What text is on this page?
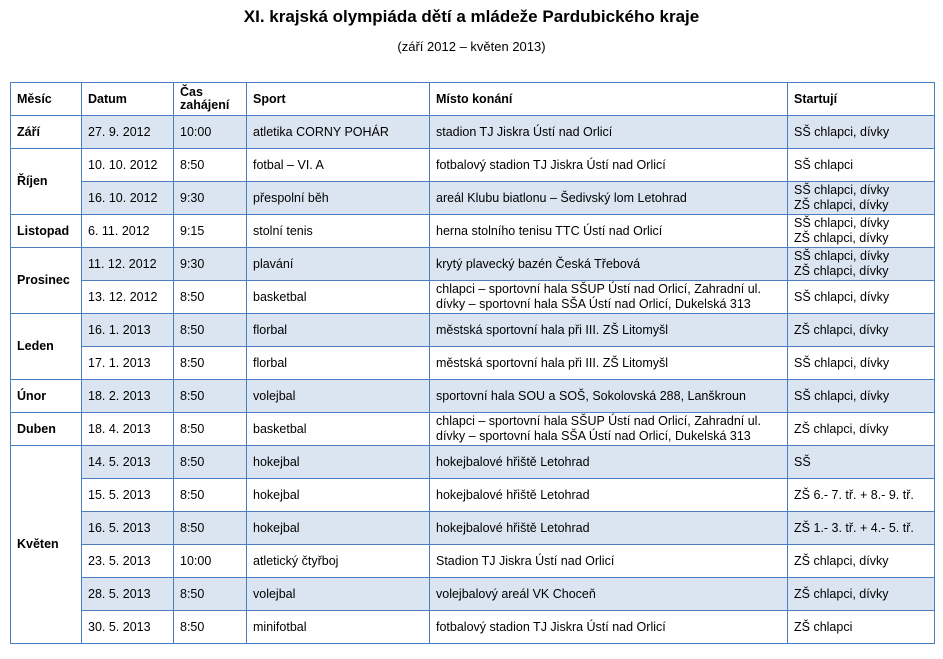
XI. krajská olympiáda dětí a mládeže Pardubického kraje
(září 2012 – květen 2013)
Měsíc	Datum	Čas zahájení	Sport	Místo konání	Startují
Září	27. 9. 2012	10:00	atletika CORNY POHÁR	stadion TJ Jiskra Ústí nad Orlicí	SŠ chlapci, dívky
Říjen	10. 10. 2012	8:50	fotbal – VI. A	fotbalový stadion TJ Jiskra Ústí nad Orlicí	SŠ chlapci
	16. 10. 2012	9:30	přespolní běh	areál Klubu biatlonu – Šedivský lom Letohrad	SŠ chlapci, dívky
ZŠ chlapci, dívky
Listopad	6. 11. 2012	9:15	stolní tenis	herna stolního tenisu TTC Ústí nad Orlicí	SŠ chlapci, dívky
ZŠ chlapci, dívky
Prosinec	11. 12. 2012	9:30	plavání	krytý plavecký bazén Česká Třebová	SŠ chlapci, dívky
ZŠ chlapci, dívky
	13. 12. 2012	8:50	basketbal	chlapci – sportovní hala SŠUP Ústí nad Orlicí, Zahradní ul.
dívky – sportovní hala SŠA Ústí nad Orlicí, Dukelská 313	SŠ chlapci, dívky
Leden	16. 1. 2013	8:50	florbal	městská sportovní hala při III. ZŠ Litomyšl	ZŠ chlapci, dívky
	17. 1. 2013	8:50	florbal	městská sportovní hala při III. ZŠ Litomyšl	SŠ chlapci, dívky
Únor	18. 2. 2013	8:50	volejbal	sportovní hala SOU a SOŠ, Sokolovská 288, Lanškroun	SŠ chlapci, dívky
Duben	18. 4. 2013	8:50	basketbal	chlapci – sportovní hala SŠUP Ústí nad Orlicí, Zahradní ul.
dívky – sportovní hala SŠA Ústí nad Orlicí, Dukelská 313	ZŠ chlapci, dívky
Květen	14. 5. 2013	8:50	hokejbal	hokejbalové hřiště Letohrad	SŠ
	15. 5. 2013	8:50	hokejbal	hokejbalové hřiště Letohrad	ZŠ 6.- 7. tř. + 8.- 9. tř.
	16. 5. 2013	8:50	hokejbal	hokejbalové hřiště Letohrad	ZŠ 1.- 3. tř. + 4.- 5. tř.
	23. 5. 2013	10:00	atletický čtyřboj	Stadion TJ Jiskra Ústí nad Orlicí	ZŠ chlapci, dívky
	28. 5. 2013	8:50	volejbal	volejbalový areál VK Choceň	ZŠ chlapci, dívky
	30. 5. 2013	8:50	minifotbal	fotbalový stadion TJ Jiskra Ústí nad Orlicí	ZŠ chlapci
